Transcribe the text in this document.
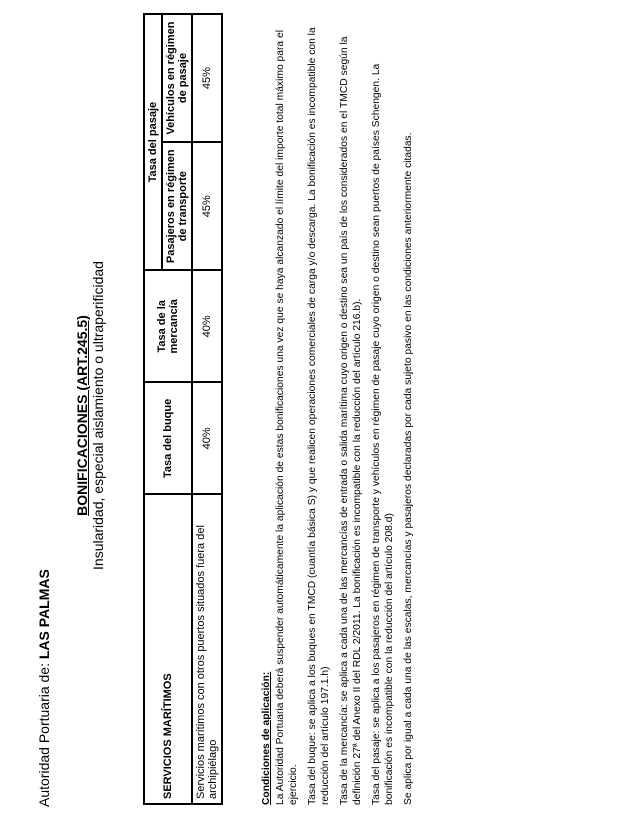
Autoridad Portuaria de: LAS PALMAS
BONIFICACIONES (ART.245.5) Insularidad, especial aislamiento o ultraperificidad
SERVICIOS MARÍTIMOS	Tasa del buque	Tasa de la mercancía	Tasa del pasaje	
			Pasajeros en régimen de transporte	Vehículos en régimen de pasaje
Servicios marítimos con otros puertos situados fuera del archipiélago	40%	40%	45%	45%

Condiciones de aplicación: La Autoridad Portuaria deberá suspender automáticamente la aplicación de estas bonificaciones una vez que se haya alcanzado el límite del importe total máximo para el ejercicio. Tasa del buque: se aplica a los buques en TMCD (cuantía básica S) y que realicen operaciones comerciales de carga y/o descarga. La bonificación es incompatible con la reducción del artículo 197.1.h) Tasa de la mercancía: se aplica a cada una de las mercancías de entrada o salida marítima cuyo origen o destino sea un país de los considerados en el TMCD según la definición 27ª del Anexo II del RDL 2/2011. La bonificación es incompatible con la reducción del artículo 216.b). Tasa del pasaje: se aplica a los pasajeros en régimen de transporte y vehículos en régimen de pasaje cuyo origen o destino sean puertos de países Schengen. La bonificación es incompatible con la reducción del artículo 208.d) Se aplica por igual a cada una de las escalas, mercancías y pasajeros declaradas por cada sujeto pasivo en las condiciones anteriormente citadas.
